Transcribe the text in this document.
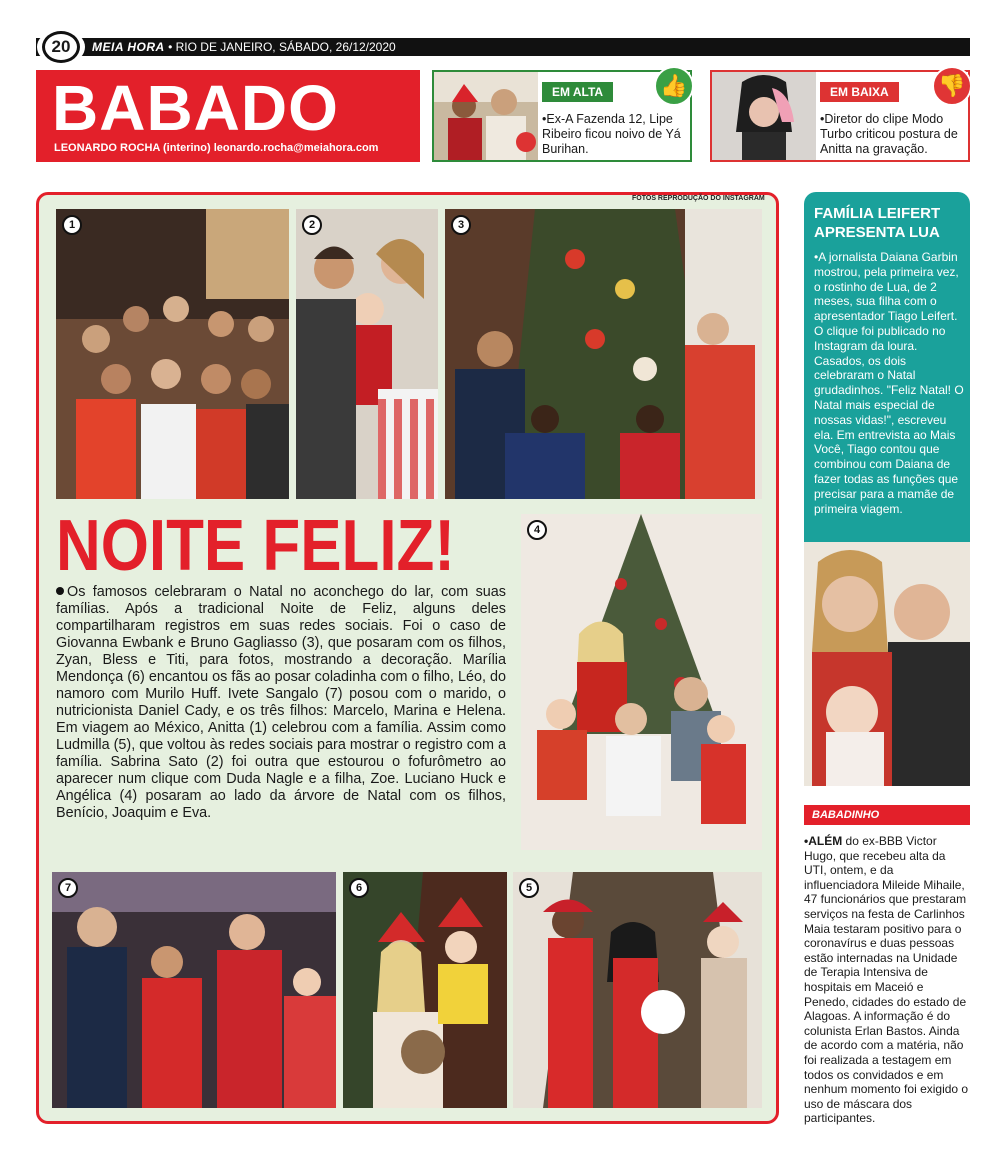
20	MEIA HORA • RIO DE JANEIRO, SÁBADO, 26/12/2020
BABADO
LEONARDO ROCHA (interino) leonardo.rocha@meiahora.com
EM ALTA	👍
•Ex-A Fazenda 12, Lipe Ribeiro ficou noivo de Yá Burihan.
EM BAIXA	👎
•Diretor do clipe Modo Turbo criticou postura de Anitta na gravação.
FOTOS REPRODUÇÃO DO INSTAGRAM
1	2	3
NOITE FELIZ!
Os famosos celebraram o Natal no aconchego do lar, com suas famílias. Após a tradicional Noite de Feliz, alguns deles compartilharam registros em suas redes sociais. Foi o caso de Giovanna Ewbank e Bruno Gagliasso (3), que posaram com os filhos, Zyan, Bless e Titi, para fotos, mostrando a decoração. Marília Mendonça (6) encantou os fãs ao posar coladinha com o filho, Léo, do namoro com Murilo Huff. Ivete Sangalo (7) posou com o marido, o nutricionista Daniel Cady, e os três filhos: Marcelo, Marina e Helena. Em viagem ao México, Anitta (1) celebrou com a família. Assim como Ludmilla (5), que voltou às redes sociais para mostrar o registro com a família. Sabrina Sato (2) foi outra que estourou o fofurômetro ao aparecer num clique com Duda Nagle e a filha, Zoe. Luciano Huck e Angélica (4) posaram ao lado da árvore de Natal com os filhos, Benício, Joaquim e Eva.
4
7	6	5
FAMÍLIA LEIFERT APRESENTA LUA
•A jornalista Daiana Garbin mostrou, pela primeira vez, o rostinho de Lua, de 2 meses, sua filha com o apresentador Tiago Leifert. O clique foi publicado no Instagram da loura. Casados, os dois celebraram o Natal grudadinhos. "Feliz Natal! O Natal mais especial de nossas vidas!", escreveu ela. Em entrevista ao Mais Você, Tiago contou que combinou com Daiana de fazer todas as funções que precisar para a mamãe de primeira viagem.
BABADINHO
•ALÉM do ex-BBB Victor Hugo, que recebeu alta da UTI, ontem, e da influenciadora Mileide Mihaile, 47 funcionários que prestaram serviços na festa de Carlinhos Maia testaram positivo para o coronavírus e duas pessoas estão internadas na Unidade de Terapia Intensiva de hospitais em Maceió e Penedo, cidades do estado de Alagoas. A informação é do colunista Erlan Bastos. Ainda de acordo com a matéria, não foi realizada a testagem em todos os convidados e em nenhum momento foi exigido o uso de máscara dos participantes.
